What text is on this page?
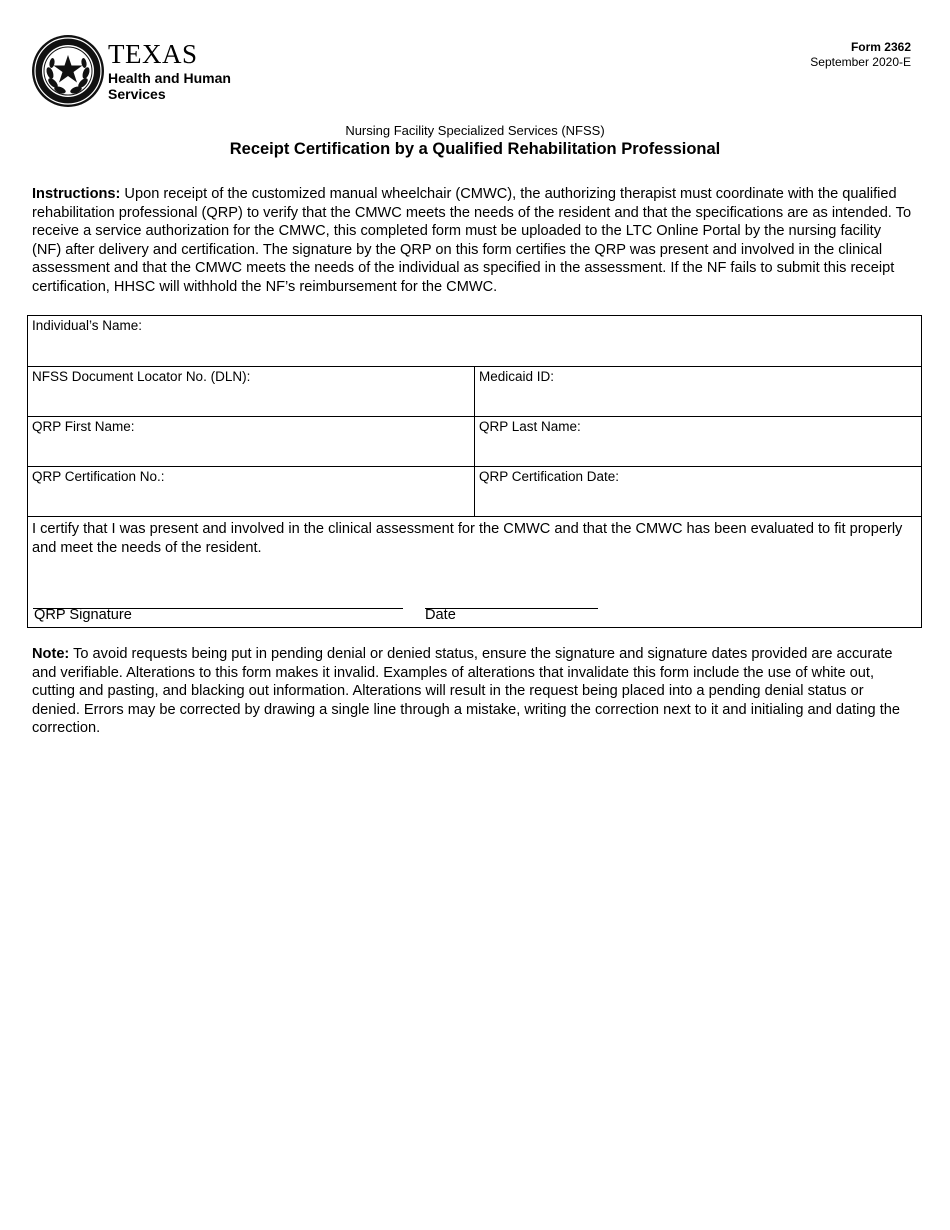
TEXAS
Health and Human
Services
Form 2362
September 2020-E
Nursing Facility Specialized Services (NFSS)
Receipt Certification by a Qualified Rehabilitation Professional
Instructions: Upon receipt of the customized manual wheelchair (CMWC), the authorizing therapist must coordinate with the qualified rehabilitation professional (QRP) to verify that the CMWC meets the needs of the resident and that the specifications are as intended. To receive a service authorization for the CMWC, this completed form must be uploaded to the LTC Online Portal by the nursing facility (NF) after delivery and certification. The signature by the QRP on this form certifies the QRP was present and involved in the clinical assessment and that the CMWC meets the needs of the individual as specified in the assessment. If the NF fails to submit this receipt certification, HHSC will withhold the NF’s reimbursement for the CMWC.
Individual’s Name:
NFSS Document Locator No. (DLN):	Medicaid ID:
QRP First Name:	QRP Last Name:
QRP Certification No.:	QRP Certification Date:
I certify that I was present and involved in the clinical assessment for the CMWC and that the CMWC has been evaluated to fit properly and meet the needs of the resident.
QRP Signature	Date
Note: To avoid requests being put in pending denial or denied status, ensure the signature and signature dates provided are accurate and verifiable. Alterations to this form makes it invalid. Examples of alterations that invalidate this form include the use of white out, cutting and pasting, and blacking out information. Alterations will result in the request being placed into a pending denial status or denied. Errors may be corrected by drawing a single line through a mistake, writing the correction next to it and initialing and dating the correction.
